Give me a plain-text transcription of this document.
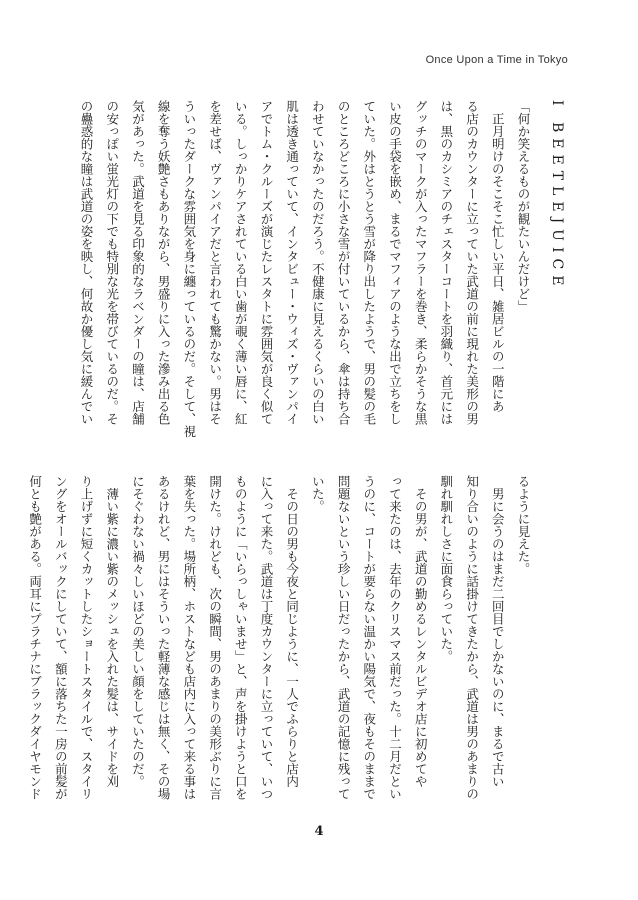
Once Upon a Time in Tokyo
I BEETLEJUICE
「何か笑えるものが観たいんだけど」
　正月明けのそこそこ忙しい平日、雑居ビルの一階にあ
る店のカウンターに立っていた武道の前に現れた美形の男
は、黒のカシミアのチェスターコートを羽織り、首元には
グッチのマークが入ったマフラーを巻き、柔らかそうな黒
い皮の手袋を嵌め、まるでマフィアのような出で立ちをし
ていた。外はとうとう雪が降り出したようで、男の髪の毛
のところどころに小さな雪が付いているから、傘は持ち合
わせていなかったのだろう。不健康に見えるくらいの白い
肌は透き通っていて、インタビュー・ウィズ・ヴァンパイ
アでトム・クルーズが演じたレスタトに雰囲気が良く似て
いる。しっかりケアされている白い歯が覗く薄い唇に、紅
を差せば、ヴァンパイアだと言われても驚かない。男はそ
ういったダークな雰囲気を身に纏っているのだ。そして、視
線を奪う妖艶さもありながら、男盛りに入った滲み出る色
気があった。武道を見る印象的なラベンダーの瞳は、店舗
の安っぽい蛍光灯の下でも特別な光を帯びているのだ。そ
の蠱惑的な瞳は武道の姿を映し、何故か優し気に緩んでい
るように見えた。
　男に会うのはまだ二回目でしかないのに、まるで古い
知り合いのように話掛けてきたから、武道は男のあまりの
馴れ馴れしさに面食らっていた。
　その男が、武道の勤めるレンタルビデオ店に初めてや
って来たのは、去年のクリスマス前だった。十二月だとい
うのに、コートが要らない温かい陽気で、夜もそのままで
問題ないという珍しい日だったから、武道の記憶に残って
いた。
　その日の男も今夜と同じように、一人でふらりと店内
に入って来た。武道は丁度カウンターに立っていて、いつ
ものように「いらっしゃいませ」と、声を掛けようと口を
開けた。けれども、次の瞬間、男のあまりの美形ぶりに言
葉を失った。場所柄、ホストなども店内に入って来る事は
あるけれど、男にはそういった軽薄な感じは無く、その場
にそぐわない禍々しいほどの美しい顔をしていたのだ。
　薄い紫に濃い紫のメッシュを入れた髪は、サイドを刈
り上げずに短くカットしたショートスタイルで、スタイリ
ングをオールバックにしていて、額に落ちた一房の前髪が
何とも艶がある。両耳にプラチナにブラックダイヤモンド
4
